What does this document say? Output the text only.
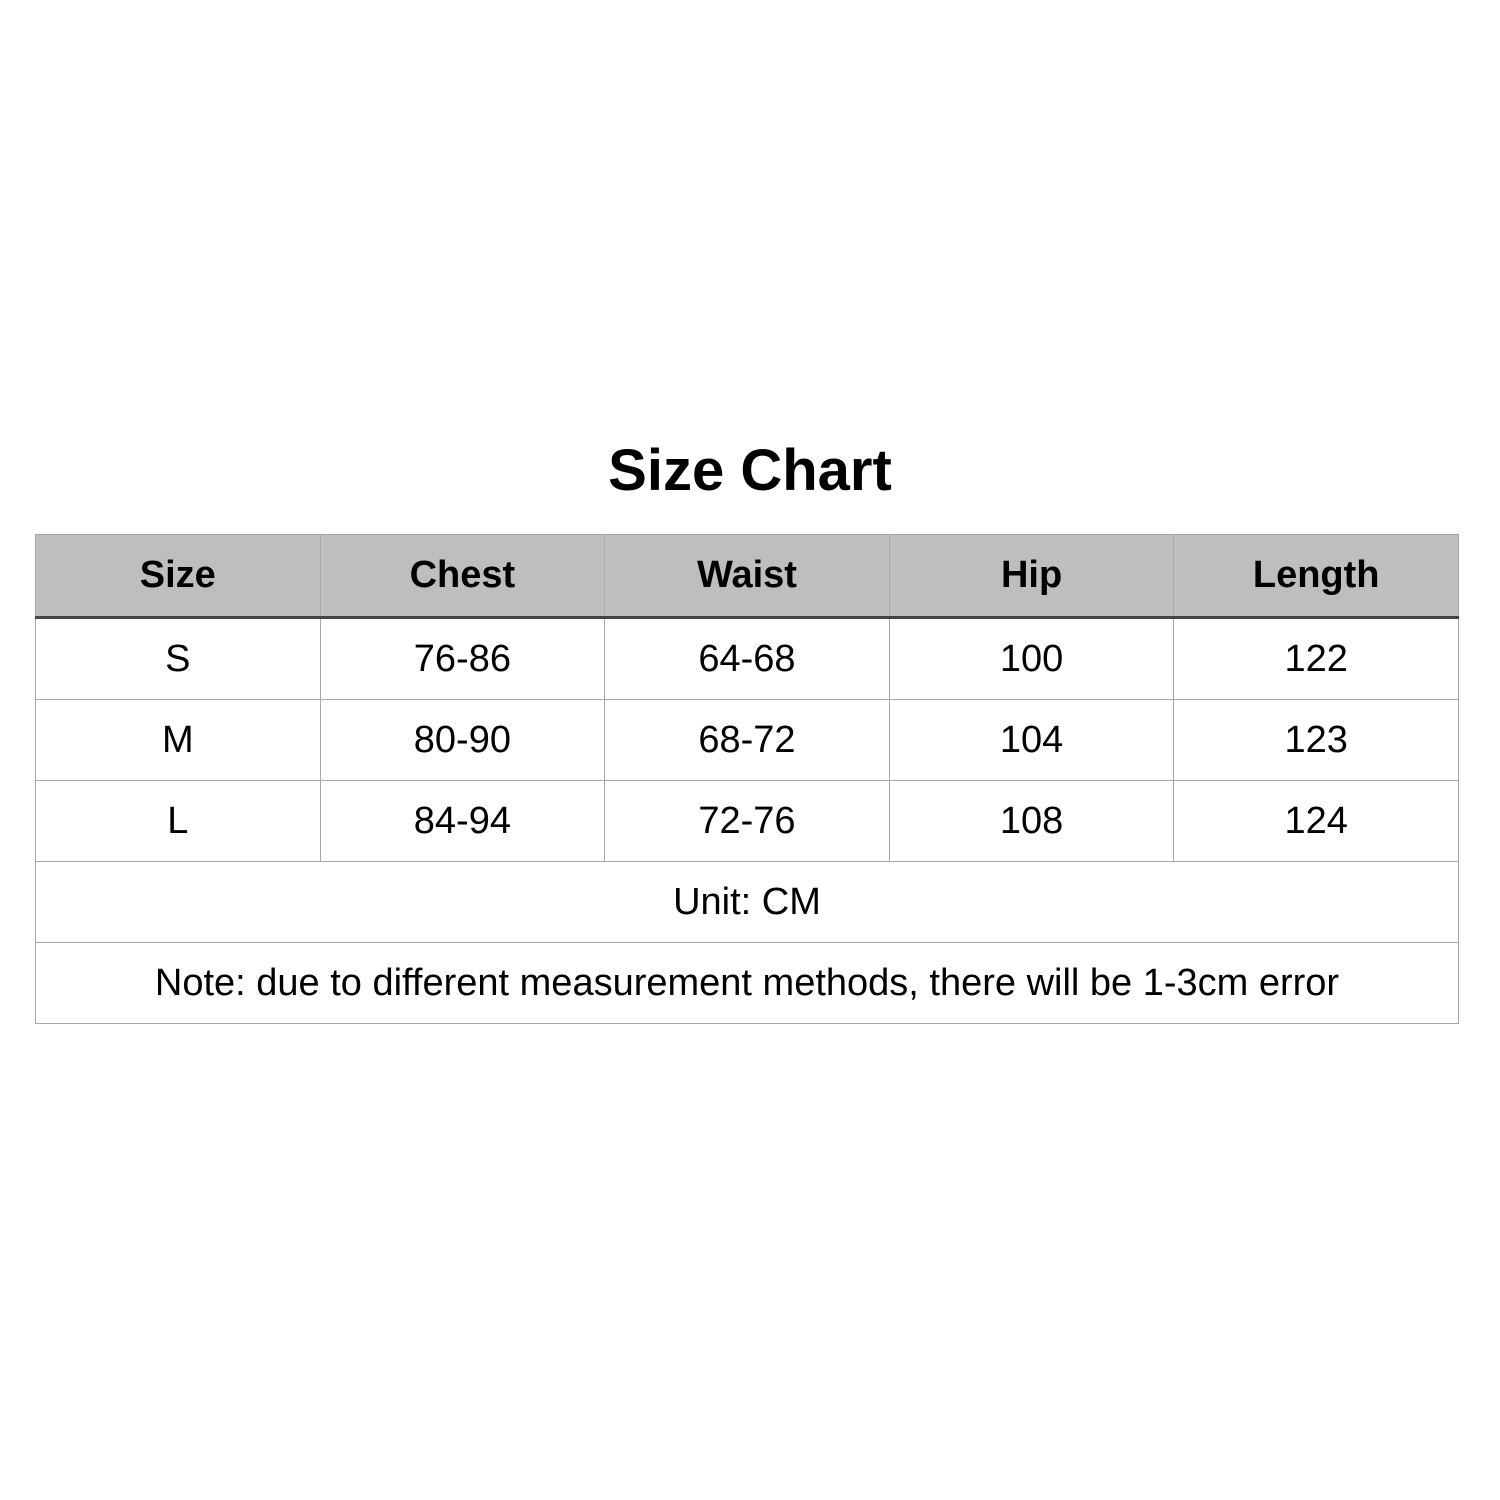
Size Chart
Size	Chest	Waist	Hip	Length
S	76-86	64-68	100	122
M	80-90	68-72	104	123
L	84-94	72-76	108	124
Unit: CM				
Note: due to different measurement methods, there will be 1-3cm error				
